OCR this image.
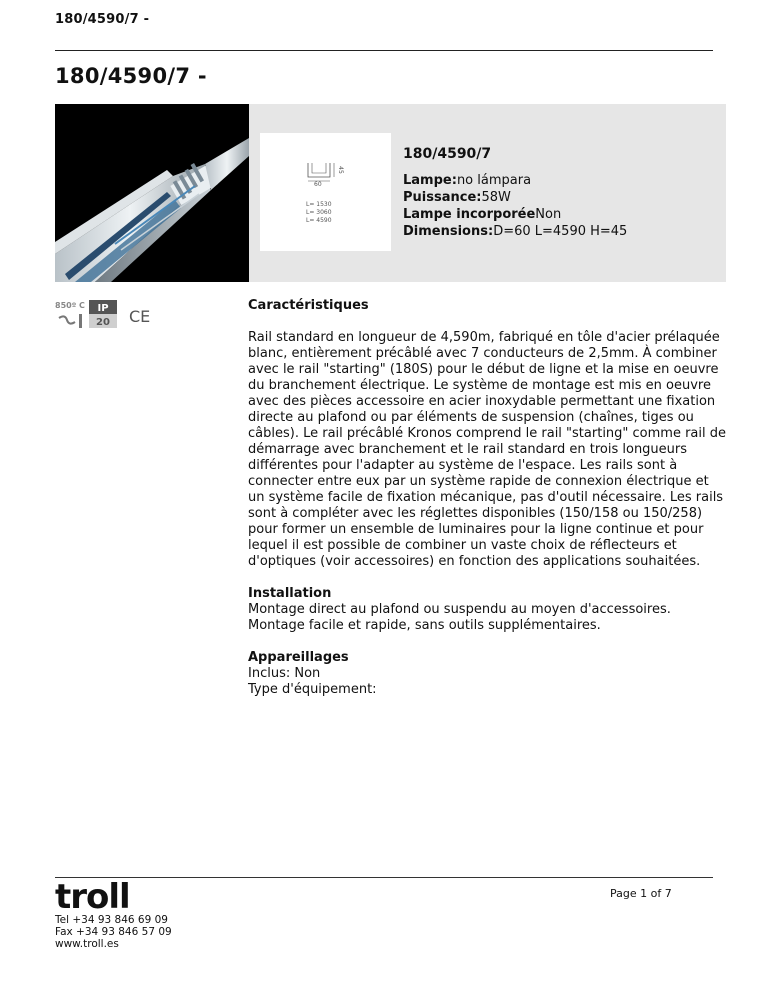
180/4590/7 -
180/4590/7 -
60
45
L= 1530
L= 3060
L= 4590
180/4590/7
Lampe:no lámpara
Puissance:58W
Lampe incorporéeNon
Dimensions:D=60 L=4590 H=45
850º C IP
20 CE
Caractéristiques

Rail standard en longueur de 4,590m, fabriqué en tôle d'acier prélaquée blanc, entièrement précâblé avec 7 conducteurs de 2,5mm. À combiner avec le rail "starting" (180S) pour le début de ligne et la mise en oeuvre du branchement électrique. Le système de montage est mis en oeuvre avec des pièces accessoire en acier inoxydable permettant une fixation directe au plafond ou par éléments de suspension (chaînes, tiges ou câbles). Le rail précâblé Kronos comprend le rail "starting" comme rail de démarrage avec branchement et le rail standard en trois longueurs différentes pour l'adapter au système de l'espace. Les rails sont à connecter entre eux par un système rapide de connexion électrique et un système facile de fixation mécanique, pas d'outil nécessaire. Les rails sont à compléter avec les réglettes disponibles (150/158 ou 150/258) pour former un ensemble de luminaires pour la ligne continue et pour lequel il est possible de combiner un vaste choix de réflecteurs et d'optiques (voir accessoires) en fonction des applications souhaitées.

Installation

Montage direct au plafond ou suspendu au moyen d'accessoires.

Montage facile et rapide, sans outils supplémentaires.

Appareillages

Inclus: Non

Type d'équipement:

troll	Page 1 of 7
Tel +34 93 846 69 09
Fax +34 93 846 57 09
www.troll.es
